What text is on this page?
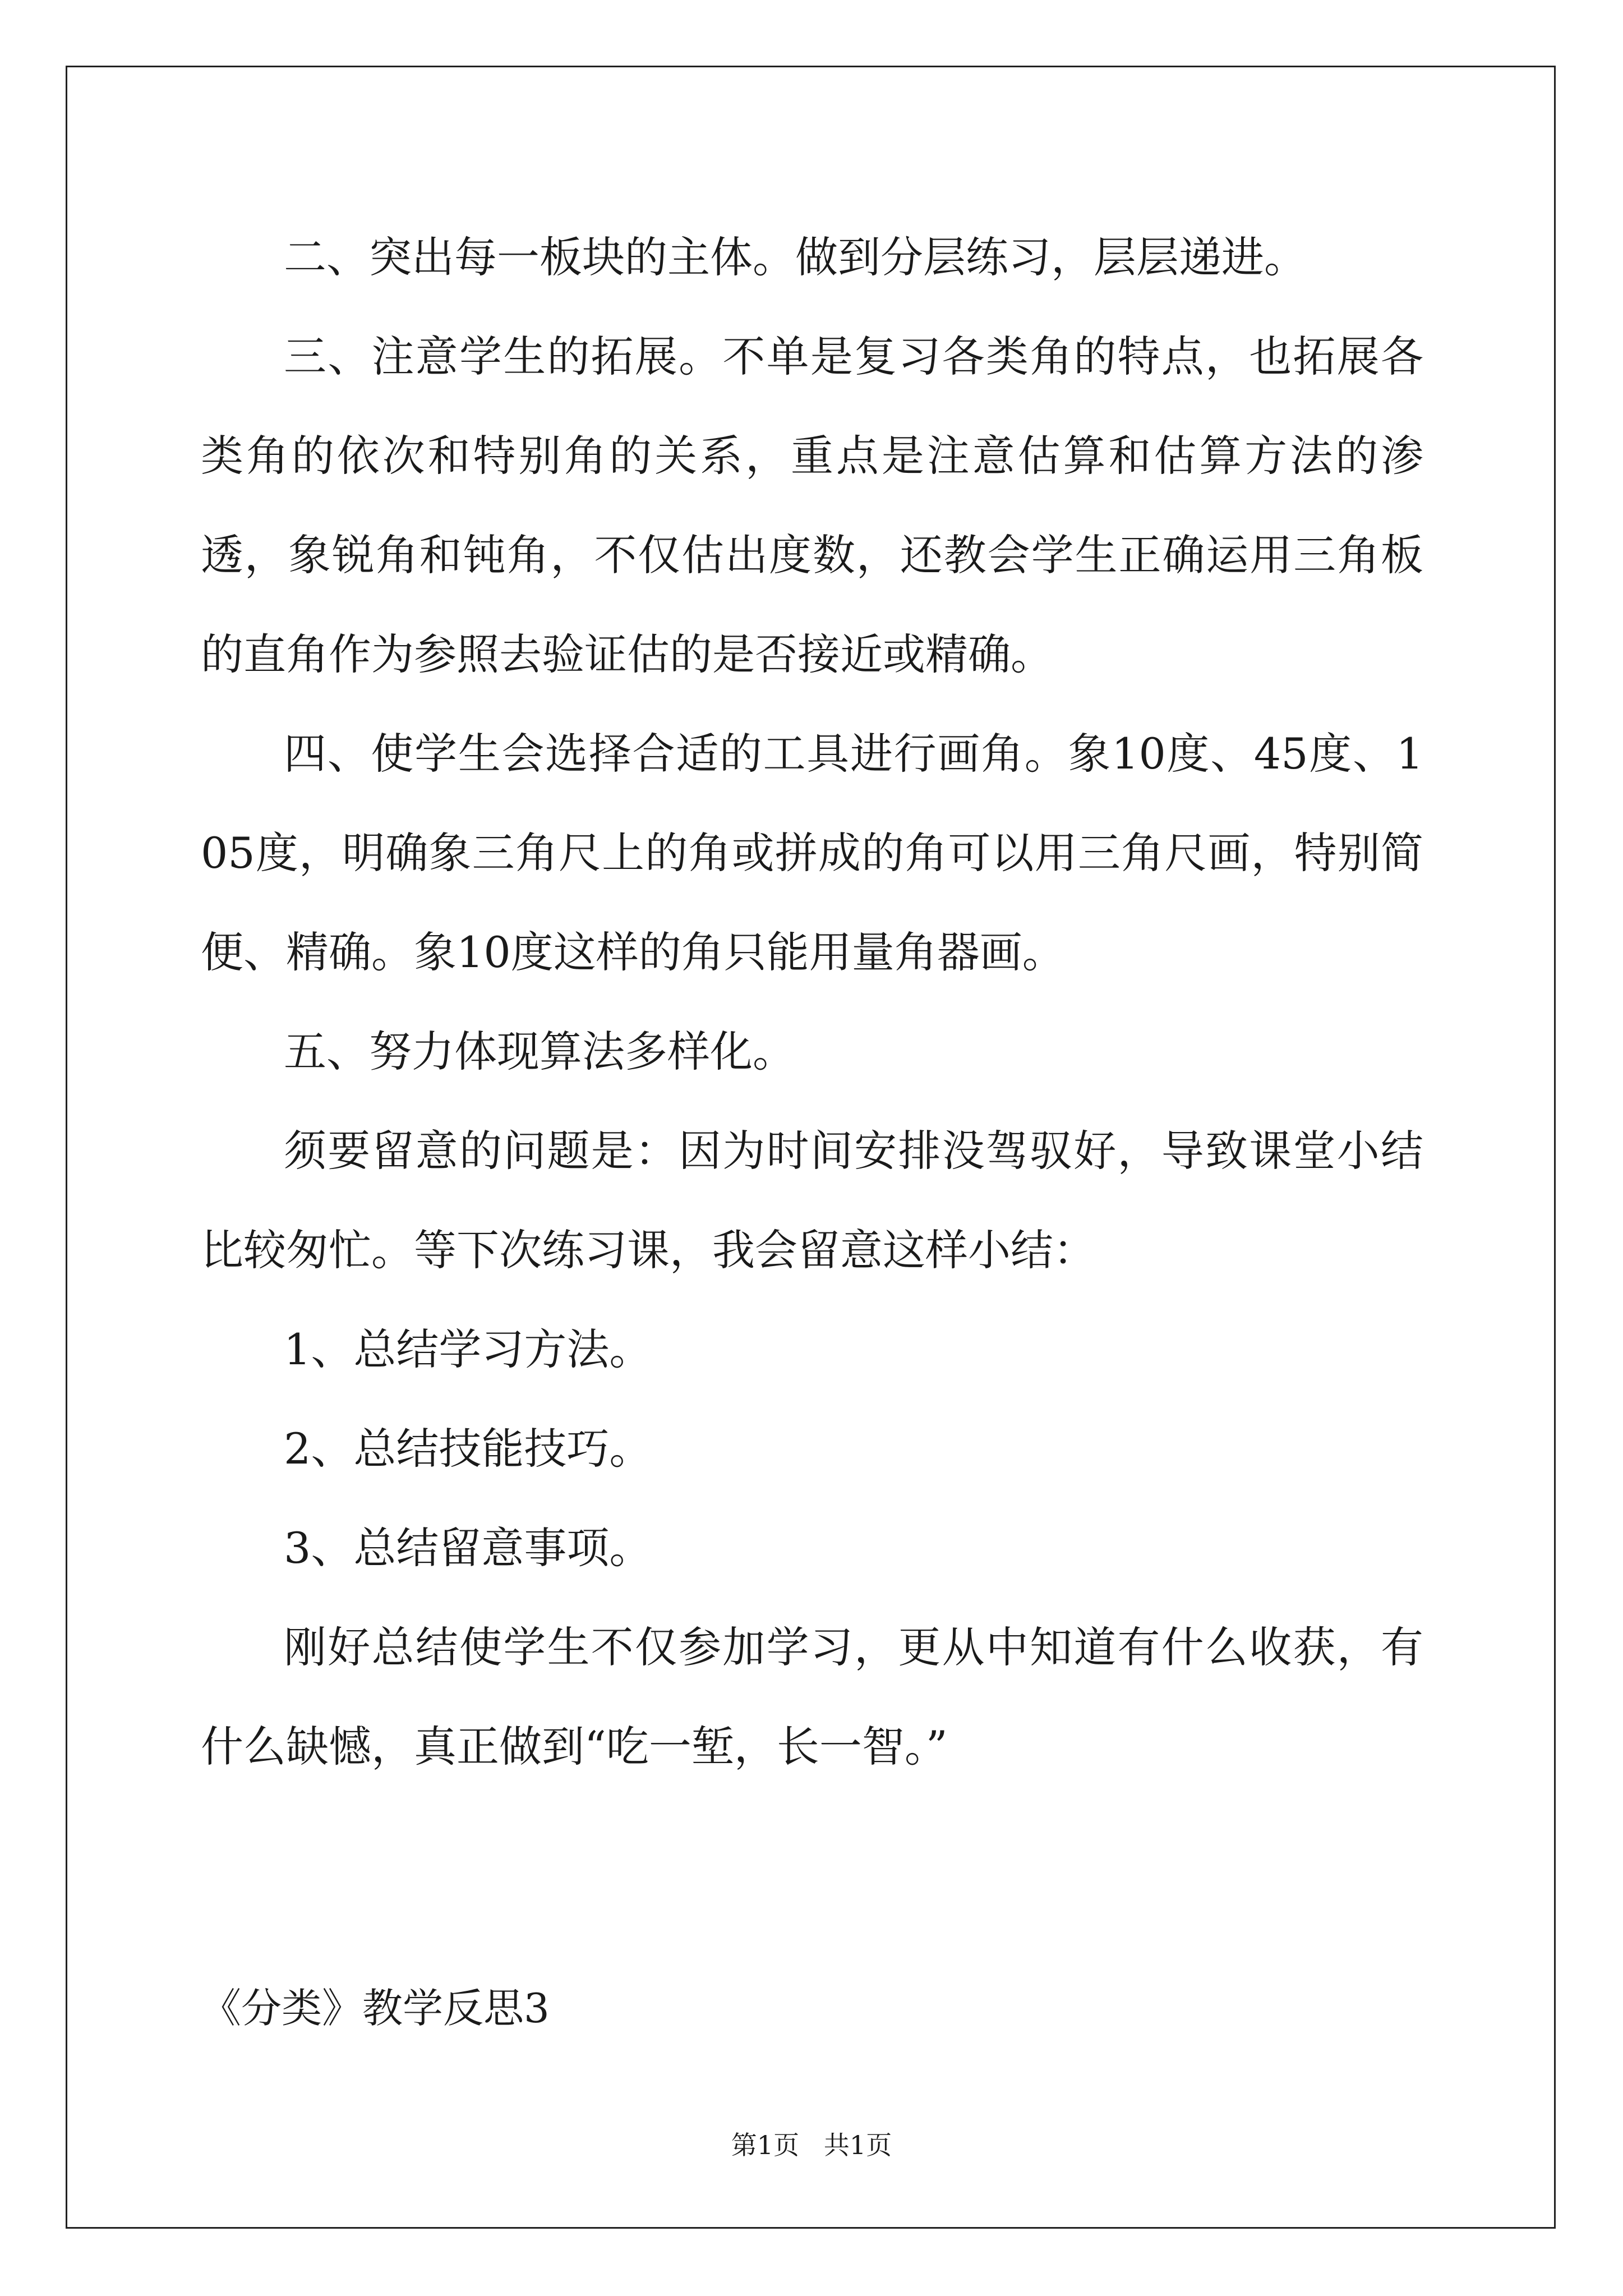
二、突出每一板块的主体。做到分层练习，层层递进。

三、注意学生的拓展。不单是复习各类角的特点，也拓展各类角的依次和特别角的关系，重点是注意估算和估算方法的渗透，象锐角和钝角，不仅估出度数，还教会学生正确运用三角板的直角作为参照去验证估的是否接近或精确。

四、使学生会选择合适的工具进行画角。象10度、45度、105度，明确象三角尺上的角或拼成的角可以用三角尺画，特别简便、精确。象10度这样的角只能用量角器画。

五、努力体现算法多样化。

须要留意的问题是：因为时间安排没驾驭好，导致课堂小结比较匆忙。等下次练习课，我会留意这样小结：

1、总结学习方法。

2、总结技能技巧。

3、总结留意事项。

刚好总结使学生不仅参加学习，更从中知道有什么收获，有什么缺憾，真正做到“吃一堑，长一智。”

《分类》教学反思3
第1页   共1页
